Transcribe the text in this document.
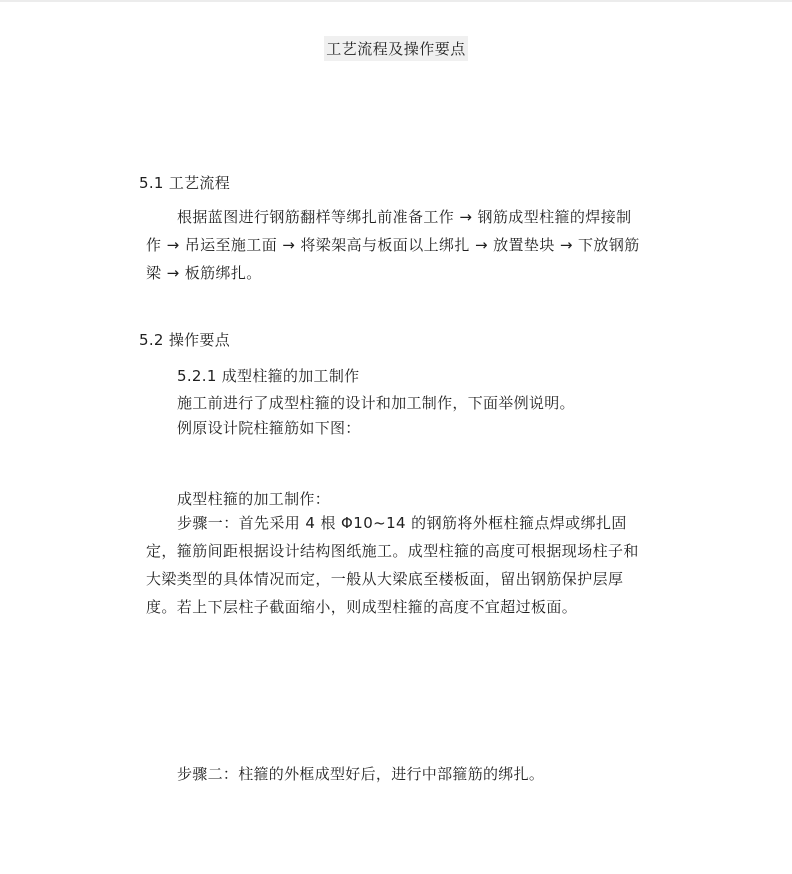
工艺流程及操作要点
5.1 工艺流程

根据蓝图进行钢筋翻样等绑扎前准备工作 → 钢筋成型柱箍的焊接制作 → 吊运至施工面 → 将梁架高与板面以上绑扎 → 放置垫块 → 下放钢筋梁 → 板筋绑扎。

5.2 操作要点
5.2.1 成型柱箍的加工制作
施工前进行了成型柱箍的设计和加工制作，下面举例说明。
例原设计院柱箍筋如下图：
成型柱箍的加工制作：

步骤一：首先采用 4 根 Φ10~14 的钢筋将外框柱箍点焊或绑扎固定，箍筋间距根据设计结构图纸施工。成型柱箍的高度可根据现场柱子和大梁类型的具体情况而定，一般从大梁底至楼板面，留出钢筋保护层厚度。若上下层柱子截面缩小，则成型柱箍的高度不宜超过板面。

步骤二：柱箍的外框成型好后，进行中部箍筋的绑扎。
